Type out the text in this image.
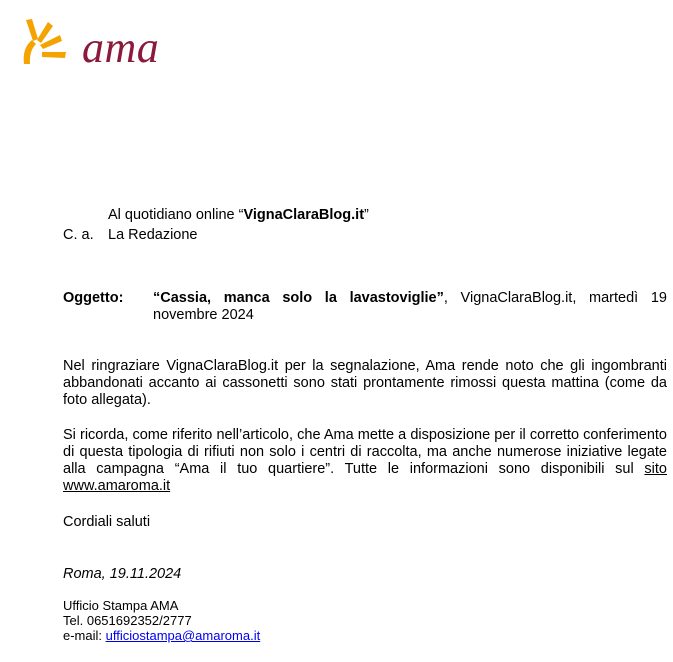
ama
Al quotidiano online “VignaClaraBlog.it”
C. a. La Redazione
Oggetto: “Cassia, manca solo la lavastoviglie”, VignaClaraBlog.it, martedì 19 novembre 2024
Nel ringraziare VignaClaraBlog.it per la segnalazione, Ama rende noto che gli ingombranti abbandonati accanto ai cassonetti sono stati prontamente rimossi questa mattina (come da foto allegata).
Si ricorda, come riferito nell’articolo, che Ama mette a disposizione per il corretto conferimento di questa tipologia di rifiuti non solo i centri di raccolta, ma anche numerose iniziative legate alla campagna “Ama il tuo quartiere”. Tutte le informazioni sono disponibili sul sito www.amaroma.it
Cordiali saluti
Roma, 19.11.2024
Ufficio Stampa AMA
Tel. 0651692352/2777
e-mail: ufficiostampa@amaroma.it
